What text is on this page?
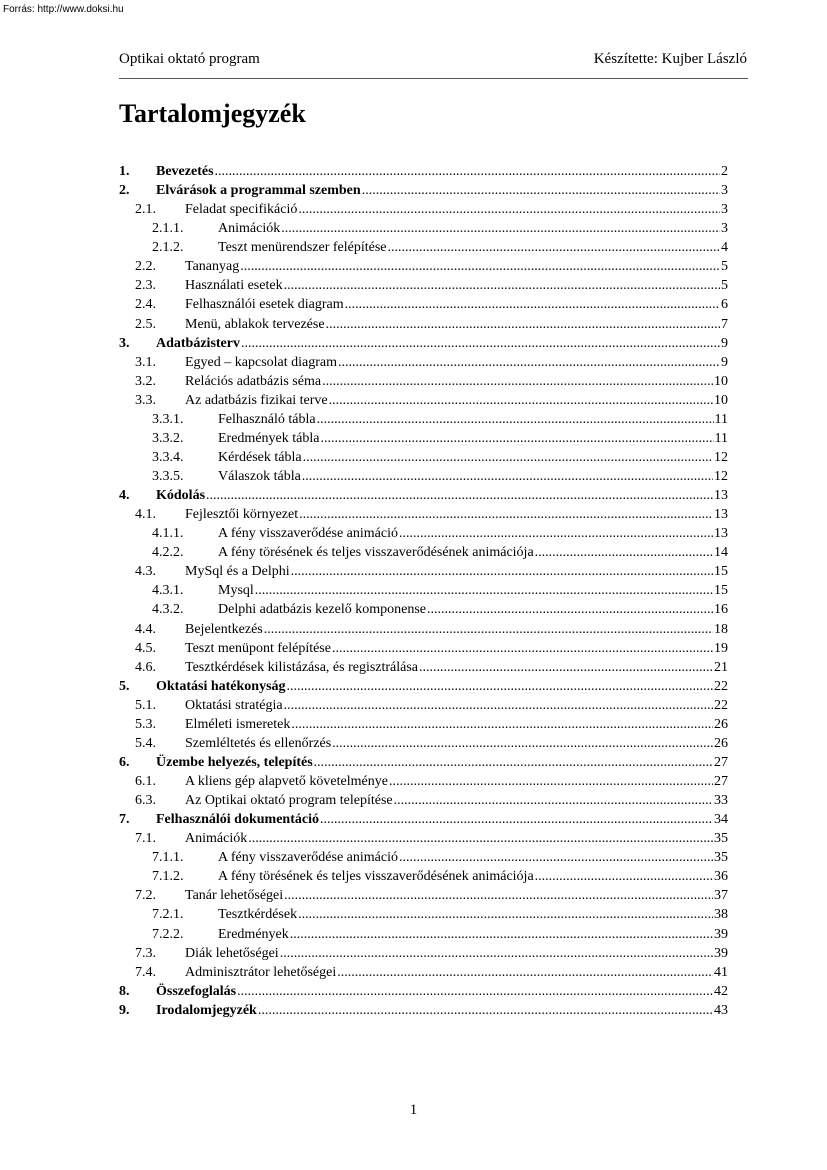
Forrás: http://www.doksi.hu
Optikai oktató program	Készítette: Kujber László
Tartalomjegyzék
1. Bevezetés .....	2
2. Elvárások a programmal szemben .....	3
2.1. Feladat specifikáció .....	3
2.1.1. Animációk .....	3
2.1.2. Teszt menürendszer felépítése .....	4
2.2. Tananyag .....	5
2.3. Használati esetek .....	5
2.4. Felhasználói esetek diagram .....	6
2.5. Menü, ablakok tervezése .....	7
3. Adatbázisterv .....	9
3.1. Egyed – kapcsolat diagram .....	9
3.2. Relációs adatbázis séma .....	10
3.3. Az adatbázis fizikai terve .....	10
3.3.1. Felhasználó tábla .....	11
3.3.2. Eredmények tábla .....	11
3.3.4. Kérdések tábla .....	12
3.3.5. Válaszok tábla .....	12
4. Kódolás .....	13
4.1. Fejlesztői környezet .....	13
4.1.1. A fény visszaverődése animáció .....	13
4.2.2. A fény törésének és teljes visszaverődésének animációja .....	14
4.3. MySql és a Delphi .....	15
4.3.1. Mysql .....	15
4.3.2. Delphi adatbázis kezelő komponense .....	16
4.4. Bejelentkezés .....	18
4.5. Teszt menüpont felépítése .....	19
4.6. Tesztkérdések kilistázása, és regisztrálása .....	21
5. Oktatási hatékonyság .....	22
5.1. Oktatási stratégia .....	22
5.3. Elméleti ismeretek .....	26
5.4. Szemléltetés és ellenőrzés .....	26
6. Üzembe helyezés, telepítés .....	27
6.1. A kliens gép alapvető követelménye .....	27
6.3. Az Optikai oktató program telepítése .....	33
7. Felhasználói dokumentáció .....	34
7.1. Animációk .....	35
7.1.1. A fény visszaverődése animáció .....	35
7.1.2. A fény törésének és teljes visszaverődésének animációja .....	36
7.2. Tanár lehetőségei .....	37
7.2.1. Tesztkérdések .....	38
7.2.2. Eredmények .....	39
7.3. Diák lehetőségei .....	39
7.4. Adminisztrátor lehetőségei .....	41
8. Összefoglalás .....	42
9. Irodalomjegyzék .....	43
1
